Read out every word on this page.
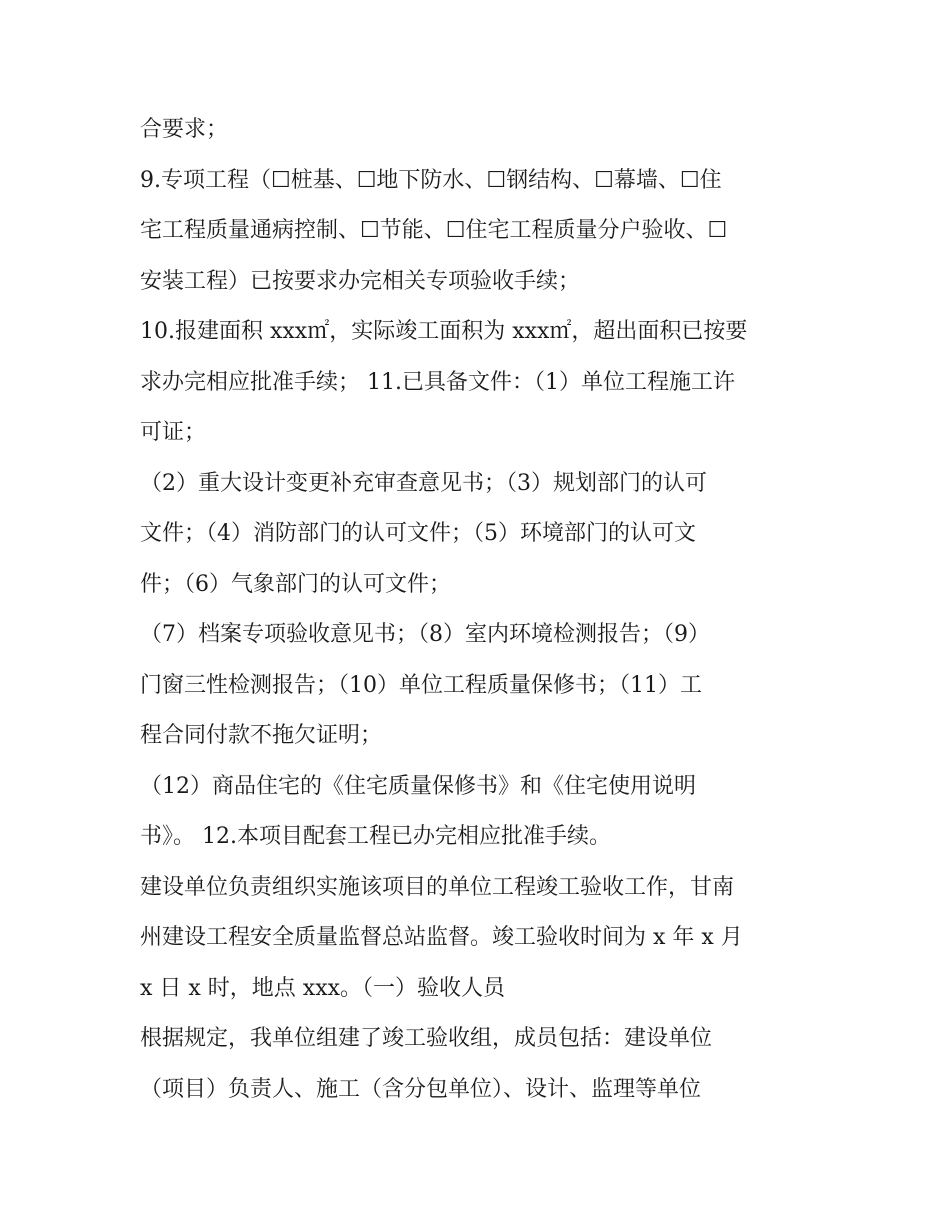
合要求；
9.专项工程（☐桩基、☐地下防水、☐钢结构、☐幕墙、☐住
宅工程质量通病控制、☐节能、☐住宅工程质量分户验收、☐
安装工程）已按要求办完相关专项验收手续；
10.报建面积 xxx㎡，实际竣工面积为 xxx㎡，超出面积已按要
求办完相应批准手续； 11.已具备文件：（1）单位工程施工许
可证；
（2）重大设计变更补充审查意见书；（3）规划部门的认可
文件；（4）消防部门的认可文件；（5）环境部门的认可文
件；（6）气象部门的认可文件；
（7）档案专项验收意见书；（8）室内环境检测报告；（9）
门窗三性检测报告；（10）单位工程质量保修书；（11）工
程合同付款不拖欠证明；
（12）商品住宅的《住宅质量保修书》和《住宅使用说明
书》。 12.本项目配套工程已办完相应批准手续。
建设单位负责组织实施该项目的单位工程竣工验收工作，甘南
州建设工程安全质量监督总站监督。竣工验收时间为 x 年 x 月
x 日 x 时，地点 xxx。（一）验收人员
根据规定，我单位组建了竣工验收组，成员包括：建设单位
（项目）负责人、施工（含分包单位）、设计、监理等单位
